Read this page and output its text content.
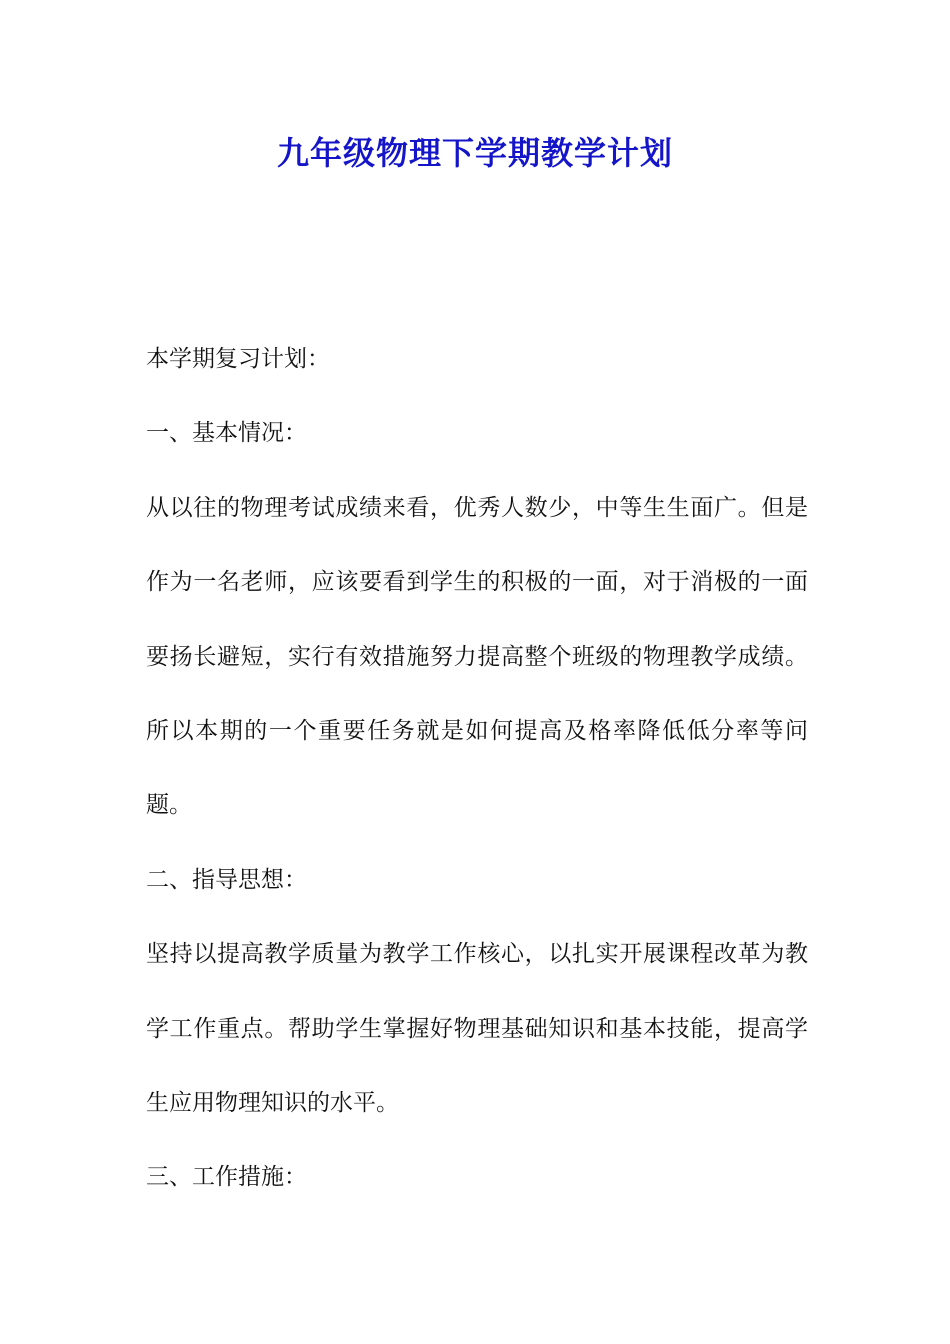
九年级物理下学期教学计划

本学期复习计划：

一、基本情况：

从以往的物理考试成绩来看，优秀人数少，中等生生面广。但是作为一名老师，应该要看到学生的积极的一面，对于消极的一面要扬长避短，实行有效措施努力提高整个班级的物理教学成绩。所以本期的一个重要任务就是如何提高及格率降低低分率等问题。

二、指导思想：

坚持以提高教学质量为教学工作核心，以扎实开展课程改革为教学工作重点。帮助学生掌握好物理基础知识和基本技能，提高学生应用物理知识的水平。

三、工作措施：
